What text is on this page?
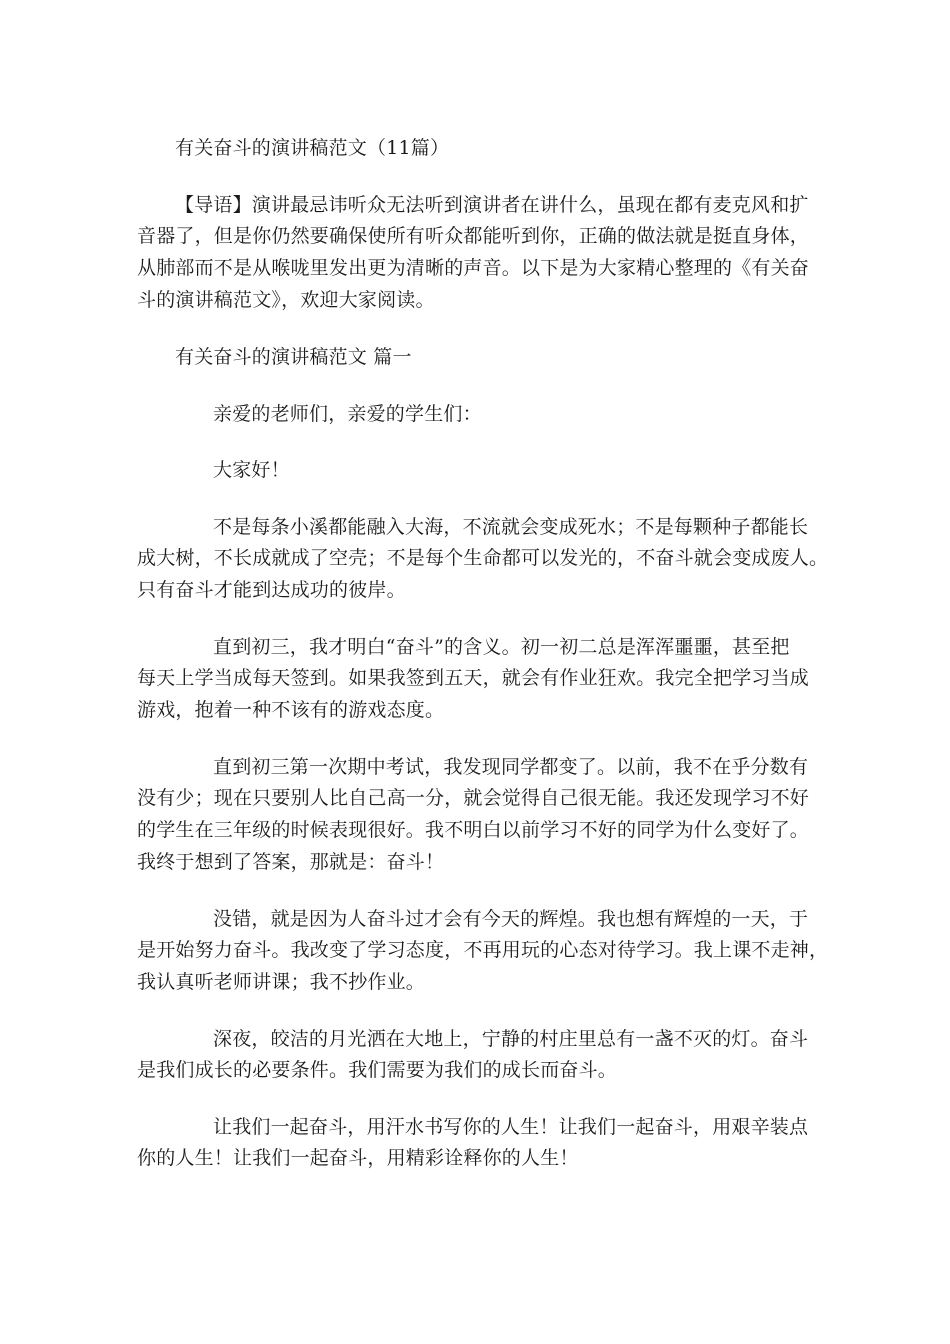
有关奋斗的演讲稿范文（11篇）
【导语】演讲最忌讳听众无法听到演讲者在讲什么，虽现在都有麦克风和扩
音器了，但是你仍然要确保使所有听众都能听到你，正确的做法就是挺直身体，
从肺部而不是从喉咙里发出更为清晰的声音。以下是为大家精心整理的《有关奋
斗的演讲稿范文》，欢迎大家阅读。
有关奋斗的演讲稿范文 篇一
亲爱的老师们，亲爱的学生们：
大家好！
不是每条小溪都能融入大海，不流就会变成死水；不是每颗种子都能长
成大树，不长成就成了空壳；不是每个生命都可以发光的，不奋斗就会变成废人。
只有奋斗才能到达成功的彼岸。
直到初三，我才明白“奋斗”的含义。初一初二总是浑浑噩噩，甚至把
每天上学当成每天签到。如果我签到五天，就会有作业狂欢。我完全把学习当成
游戏，抱着一种不该有的游戏态度。
直到初三第一次期中考试，我发现同学都变了。以前，我不在乎分数有
没有少；现在只要别人比自己高一分，就会觉得自己很无能。我还发现学习不好
的学生在三年级的时候表现很好。我不明白以前学习不好的同学为什么变好了。
我终于想到了答案，那就是：奋斗！
没错，就是因为人奋斗过才会有今天的辉煌。我也想有辉煌的一天，于
是开始努力奋斗。我改变了学习态度，不再用玩的心态对待学习。我上课不走神，
我认真听老师讲课；我不抄作业。
深夜，皎洁的月光洒在大地上，宁静的村庄里总有一盏不灭的灯。奋斗
是我们成长的必要条件。我们需要为我们的成长而奋斗。
让我们一起奋斗，用汗水书写你的人生！让我们一起奋斗，用艰辛装点
你的人生！让我们一起奋斗，用精彩诠释你的人生！
